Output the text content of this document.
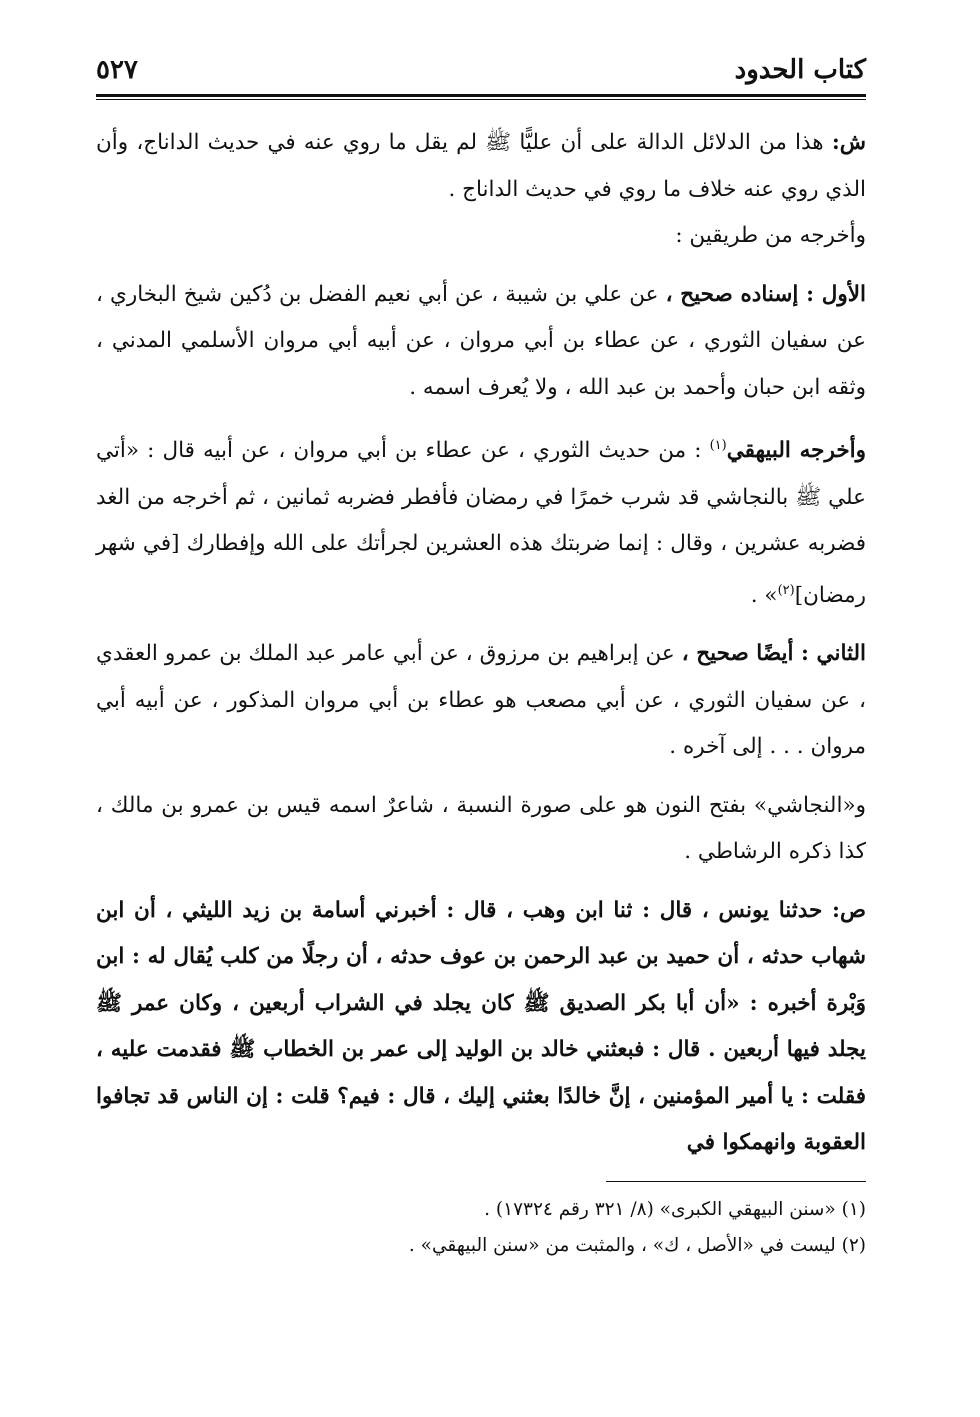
كتاب الحدود
٥٢٧

ش: هذا من الدلائل الدالة على أن عليًّا ﷺ لم يقل ما روي عنه في حديث الداناج، وأن الذي روي عنه خلاف ما روي في حديث الداناج .

وأخرجه من طريقين :

الأول : إسناده صحيح ، عن علي بن شيبة ، عن أبي نعيم الفضل بن دُكين شيخ البخاري ، عن سفيان الثوري ، عن عطاء بن أبي مروان ، عن أبيه أبي مروان الأسلمي المدني ، وثقه ابن حبان وأحمد بن عبد الله ، ولا يُعرف اسمه .

وأخرجه البيهقي$^{(١)}$ : من حديث الثوري ، عن عطاء بن أبي مروان ، عن أبيه قال : «أتي علي ﷺ بالنجاشي قد شرب خمرًا في رمضان فأفطر فضربه ثمانين ، ثم أخرجه من الغد فضربه عشرين ، وقال : إنما ضربتك هذه العشرين لجرأتك على الله وإفطارك [في شهر رمضان]$^{(٢)}$» .

الثاني : أيضًا صحيح ، عن إبراهيم بن مرزوق ، عن أبي عامر عبد الملك بن عمرو العقدي ، عن سفيان الثوري ، عن أبي مصعب هو عطاء بن أبي مروان المذكور ، عن أبيه أبي مروان . . . إلى آخره .

و«النجاشي» بفتح النون هو على صورة النسبة ، شاعرٌ اسمه قيس بن عمرو بن مالك ، كذا ذكره الرشاطي .

ص: حدثنا يونس ، قال : ثنا ابن وهب ، قال : أخبرني أسامة بن زيد الليثي ، أن ابن شهاب حدثه ، أن حميد بن عبد الرحمن بن عوف حدثه ، أن رجلًا من كلب يُقال له : ابن وَبْرة أخبره : «أن أبا بكر الصديق ﷺ كان يجلد في الشراب أربعين ، وكان عمر ﷺ يجلد فيها أربعين . قال : فبعثني خالد بن الوليد إلى عمر بن الخطاب ﷺ فقدمت عليه ، فقلت : يا أمير المؤمنين ، إنَّ خالدًا بعثني إليك ، قال : فيم؟ قلت : إن الناس قد تجافوا العقوبة وانهمكوا في

(١) «سنن البيهقي الكبرى» (٨/ ٣٢١ رقم ١٧٣٢٤) .

(٢) ليست في «الأصل ، ك» ، والمثبت من «سنن البيهقي» .
